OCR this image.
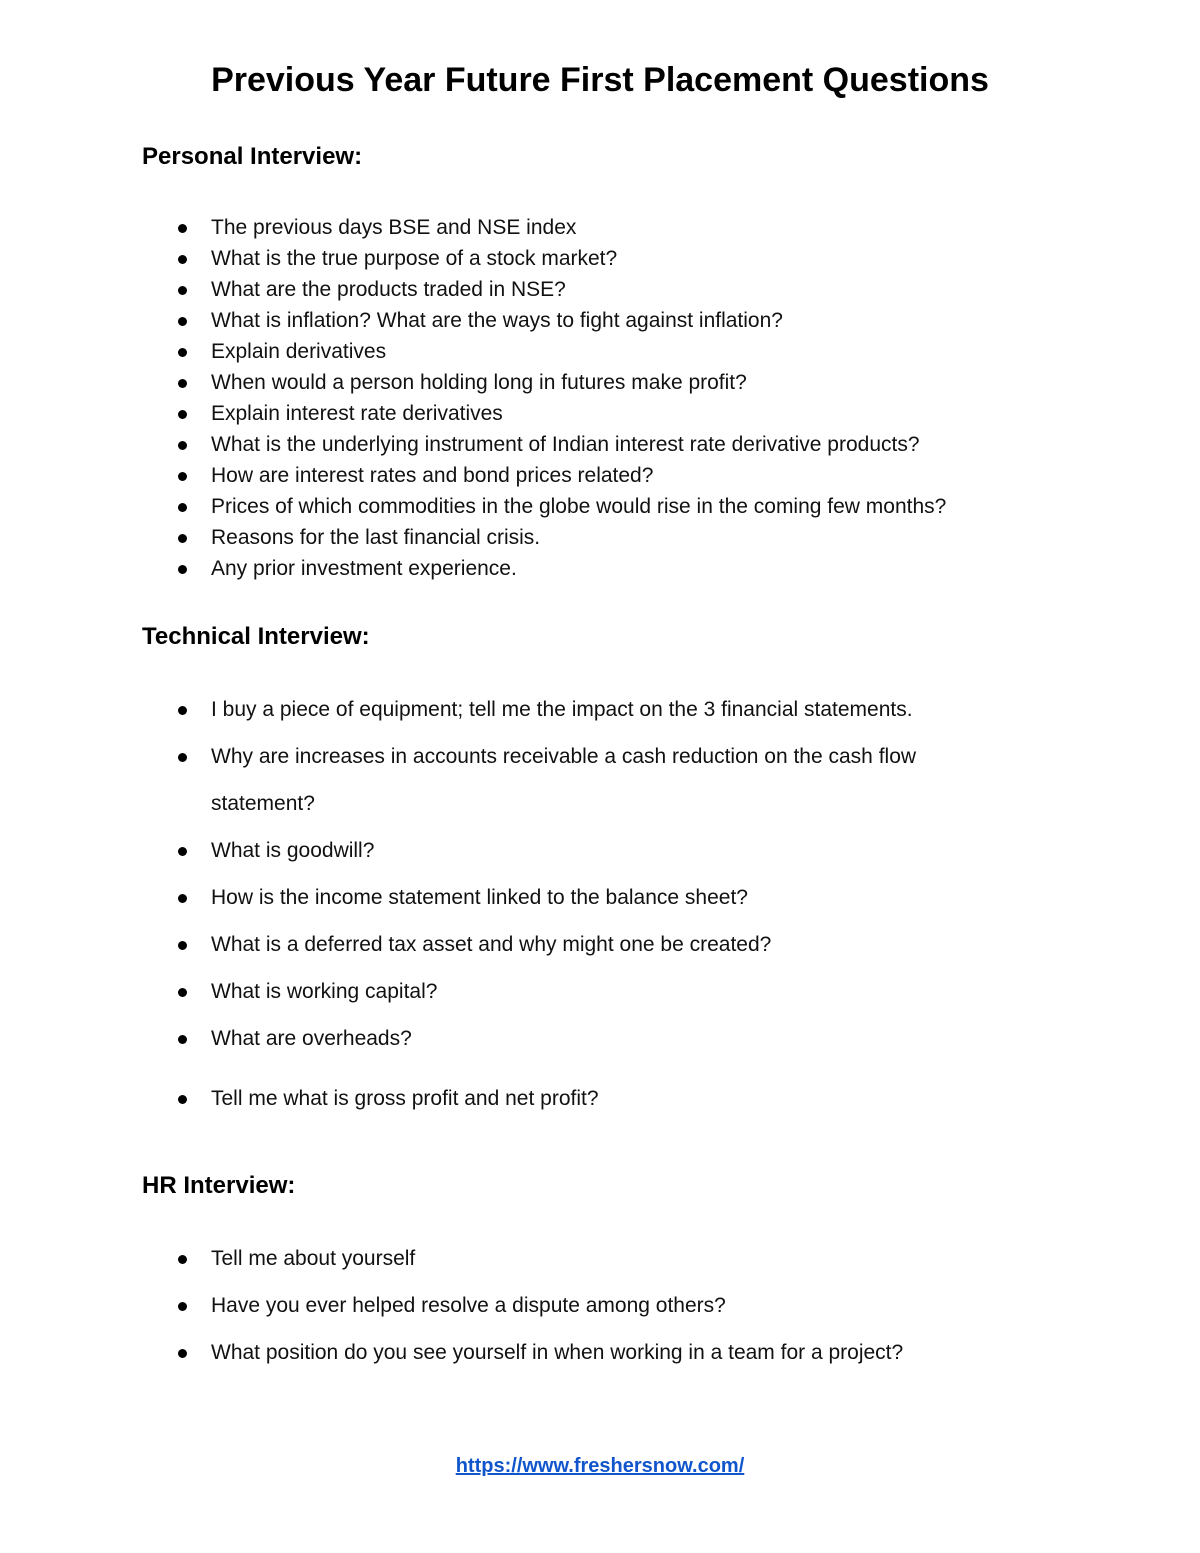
Previous Year Future First Placement Questions
Personal Interview:
The previous days BSE and NSE index
What is the true purpose of a stock market?
What are the products traded in NSE?
What is inflation? What are the ways to fight against inflation?
Explain derivatives
When would a person holding long in futures make profit?
Explain interest rate derivatives
What is the underlying instrument of Indian interest rate derivative products?
How are interest rates and bond prices related?
Prices of which commodities in the globe would rise in the coming few months?
Reasons for the last financial crisis.
Any prior investment experience.
Technical Interview:
I buy a piece of equipment; tell me the impact on the 3 financial statements.
Why are increases in accounts receivable a cash reduction on the cash flow statement?
What is goodwill?
How is the income statement linked to the balance sheet?
What is a deferred tax asset and why might one be created?
What is working capital?
What are overheads?
Tell me what is gross profit and net profit?
HR Interview:
Tell me about yourself
Have you ever helped resolve a dispute among others?
What position do you see yourself in when working in a team for a project?
https://www.freshersnow.com/
